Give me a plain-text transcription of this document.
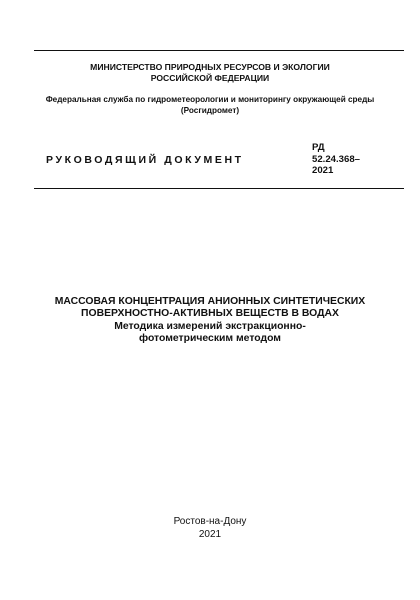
МИНИСТЕРСТВО ПРИРОДНЫХ РЕСУРСОВ И ЭКОЛОГИИ
РОССИЙСКОЙ ФЕДЕРАЦИИ
Федеральная служба по гидрометеорологии и мониторингу окружающей среды
(Росгидромет)
РУКОВОДЯЩИЙ ДОКУМЕНТ
РД
52.24.368–
2021
МАССОВАЯ КОНЦЕНТРАЦИЯ АНИОННЫХ СИНТЕТИЧЕСКИХ
ПОВЕРХНОСТНО-АКТИВНЫХ ВЕЩЕСТВ В ВОДАХ
Методика измерений экстракционно-
фотометрическим методом
Ростов-на-Дону
2021
